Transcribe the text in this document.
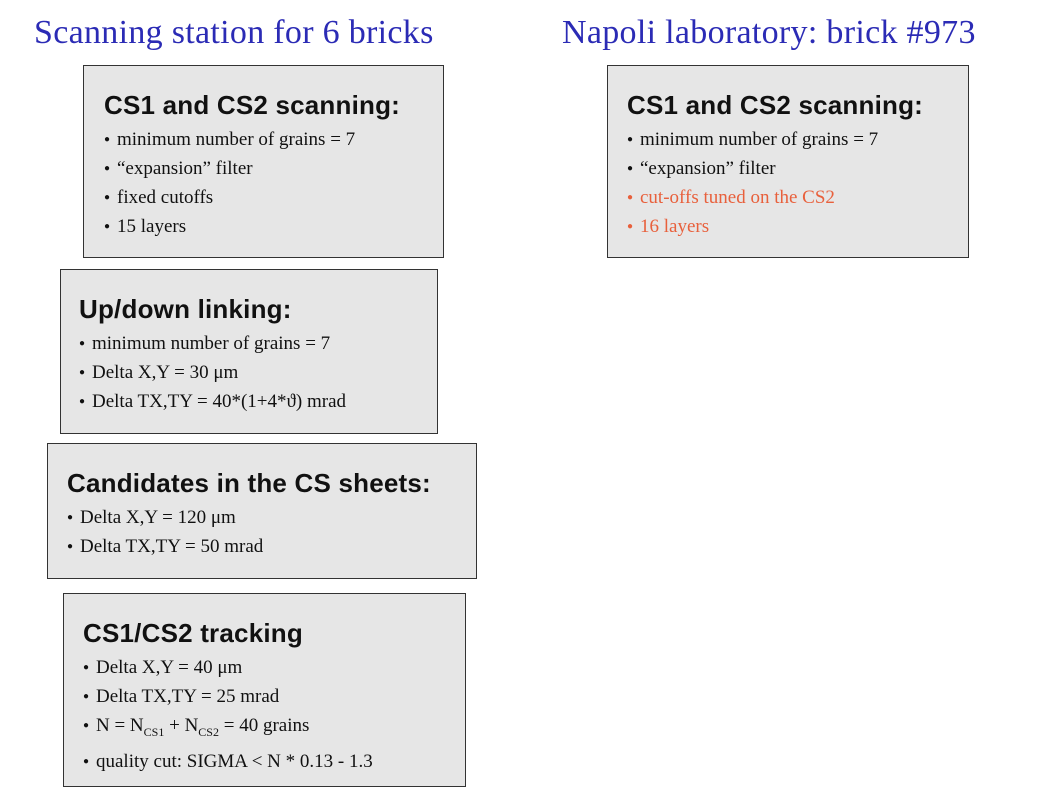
Scanning station for 6 bricks	Napoli laboratory: brick #973
CS1 and CS2 scanning:
● minimum number of grains = 7
● “expansion” filter
● fixed cutoffs
● 15 layers
CS1 and CS2 scanning:
● minimum number of grains = 7
● “expansion” filter
● cut-offs tuned on the CS2
● 16 layers
Up/down linking:
● minimum number of grains = 7
● Delta X,Y = 30 μm
● Delta TX,TY = 40*(1+4*ϑ) mrad
Candidates in the CS sheets:
● Delta X,Y = 120 μm
● Delta TX,TY = 50 mrad
CS1/CS2 tracking
● Delta X,Y = 40 μm
● Delta TX,TY = 25 mrad
● $N = N_{CS1} + N_{CS2} = 40$ grains
● quality cut: SIGMA < N * 0.13 - 1.3
